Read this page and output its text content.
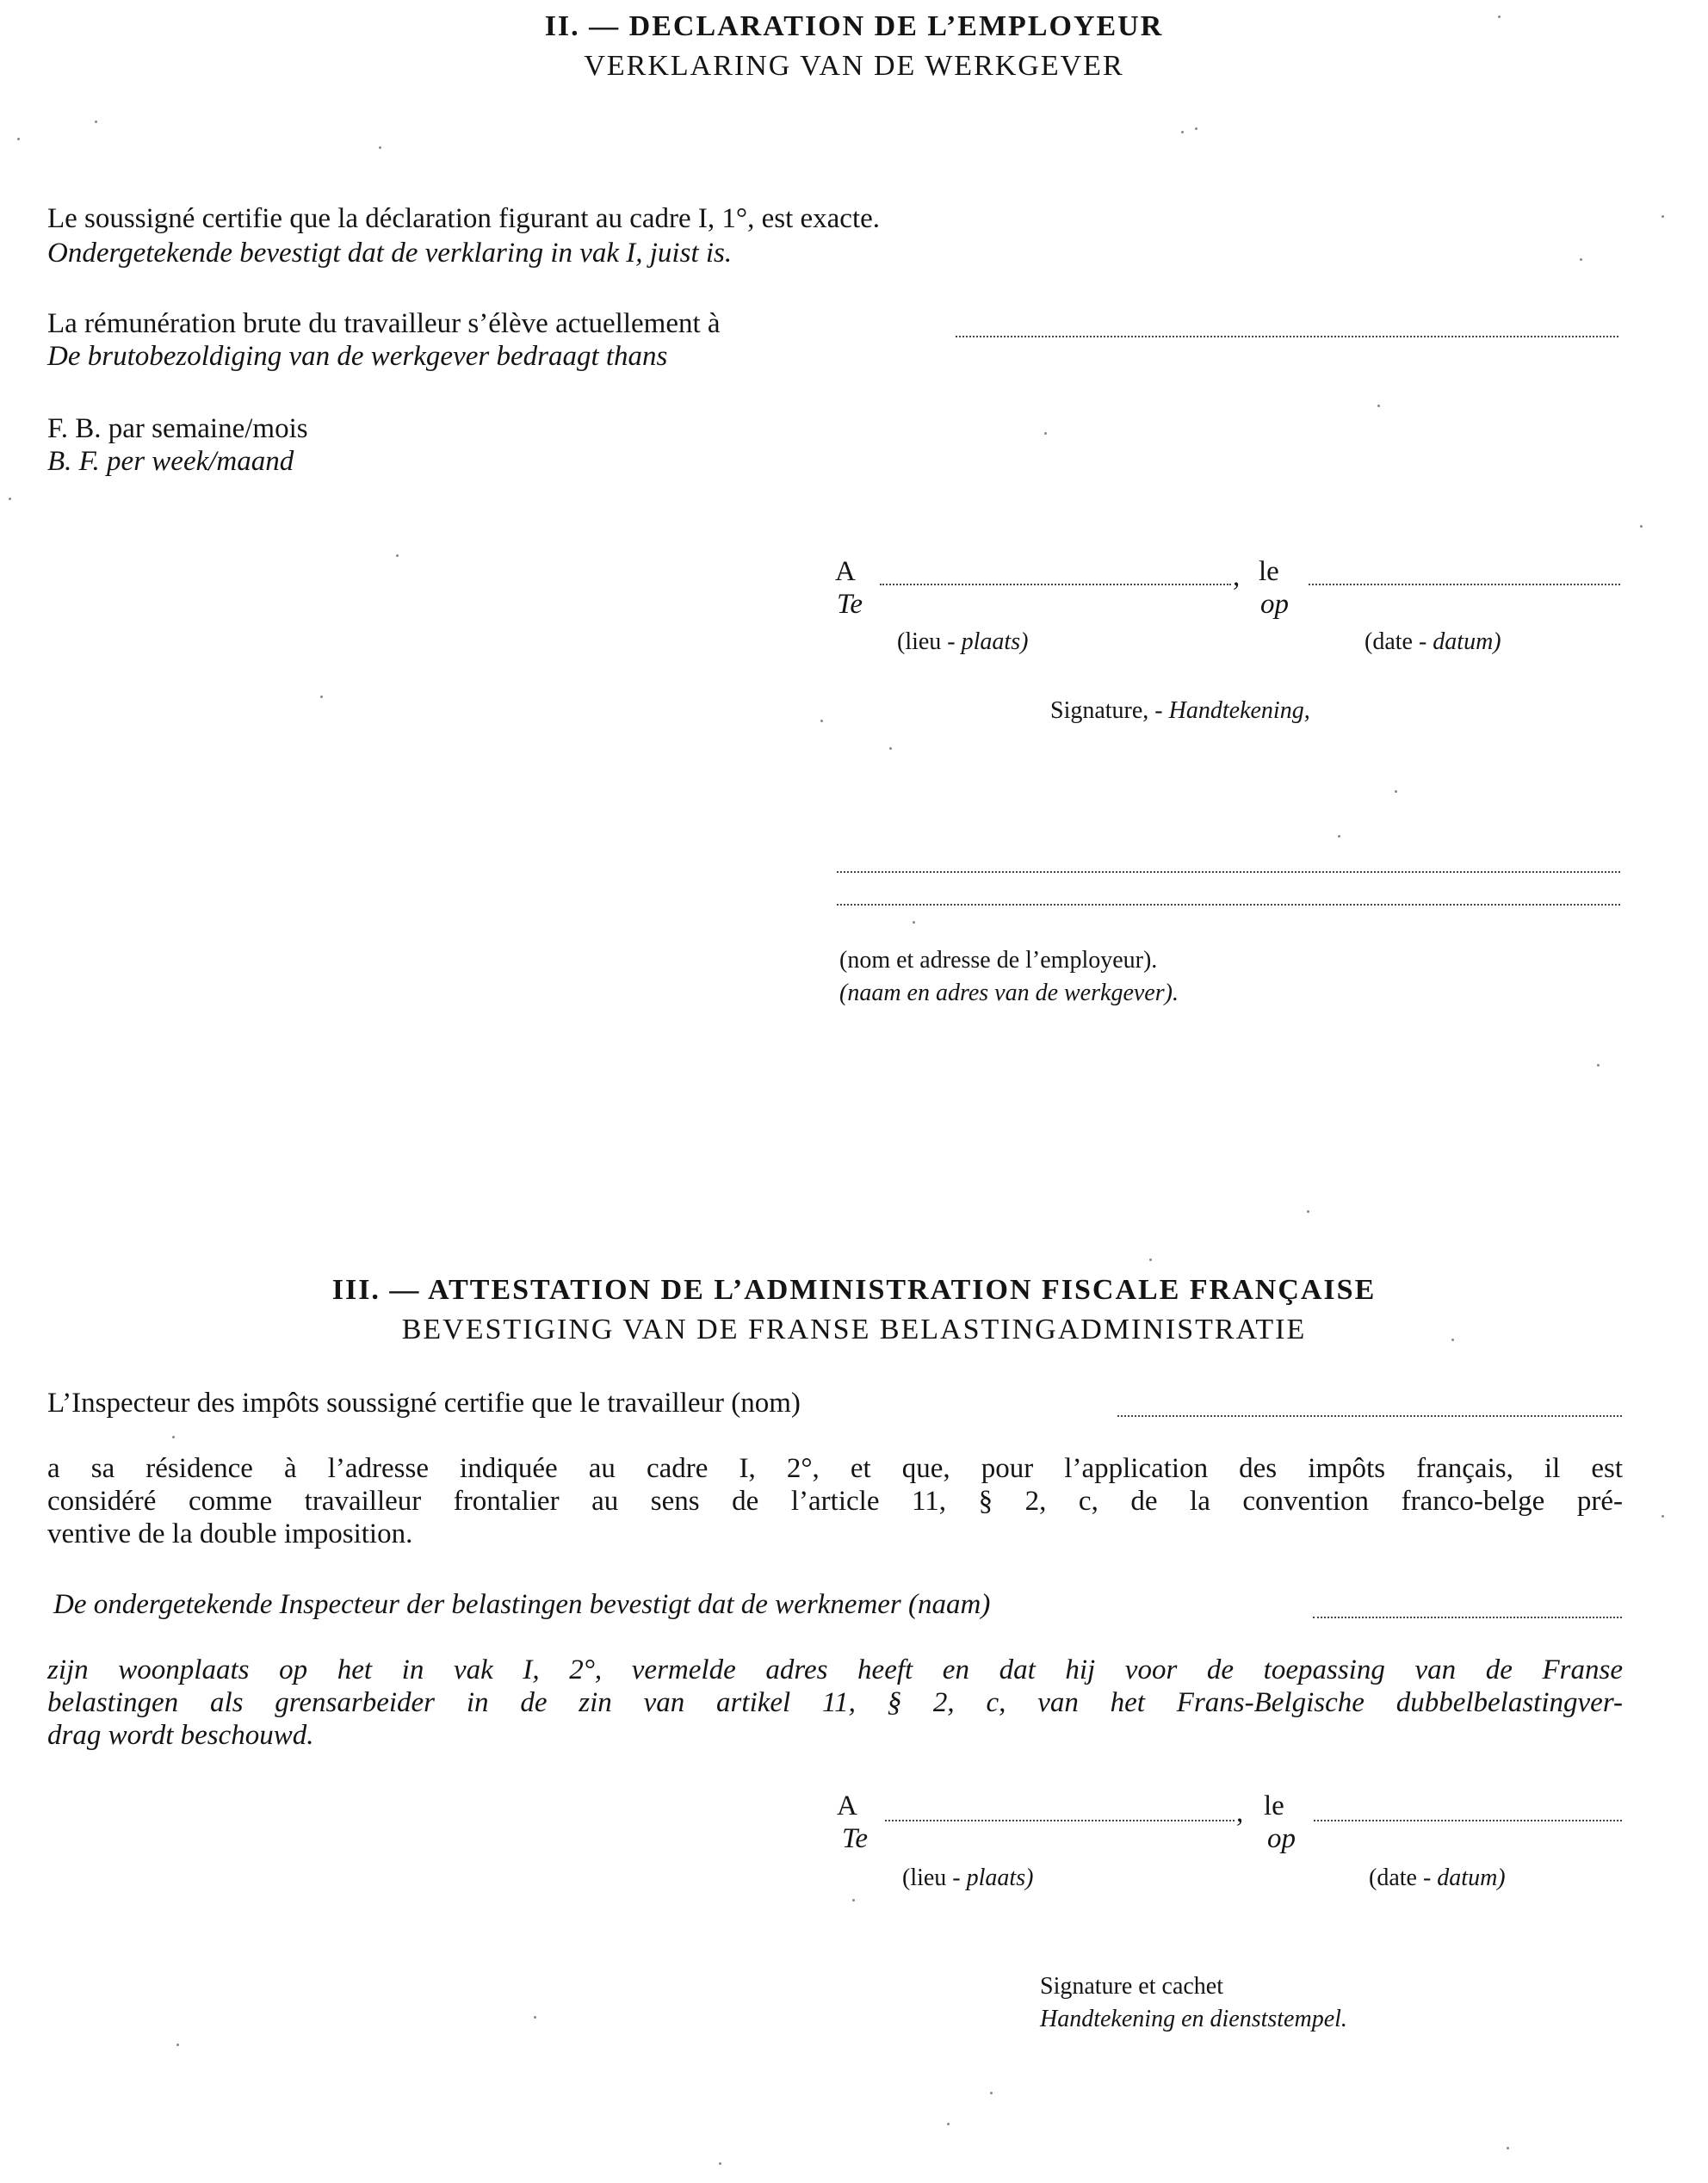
II. — DECLARATION DE L’EMPLOYEUR
VERKLARING VAN DE WERKGEVER
Le soussigné certifie que la déclaration figurant au cadre I, 1°, est exacte.
Ondergetekende bevestigt dat de verklaring in vak I, juist is.
La rémunération brute du travailleur s’élève actuellement à
De brutobezoldiging van de werkgever bedraagt thans
F. B. par semaine/mois
B. F. per week/maand
A
Te
, le
op
(lieu - plaats)	(date - datum)
Signature, - Handtekening,
(nom et adresse de l’employeur).
(naam en adres van de werkgever).
III. — ATTESTATION DE L’ADMINISTRATION FISCALE FRANÇAISE
BEVESTIGING VAN DE FRANSE BELASTINGADMINISTRATIE
L’Inspecteur des impôts soussigné certifie que le travailleur (nom)
a sa résidence à l’adresse indiquée au cadre I, 2°, et que, pour l’application des impôts français, il est
considéré comme travailleur frontalier au sens de l’article 11, § 2, c, de la convention franco-belge pré-
ventive de la double imposition.
De ondergetekende Inspecteur der belastingen bevestigt dat de werknemer (naam)
zijn woonplaats op het in vak I, 2°, vermelde adres heeft en dat hij voor de toepassing van de Franse
belastingen als grensarbeider in de zin van artikel 11, § 2, c, van het Frans-Belgische dubbelbelastingver-
drag wordt beschouwd.
A
Te
, le
op
(lieu - plaats)	(date - datum)
Signature et cachet
Handtekening en dienststempel.
